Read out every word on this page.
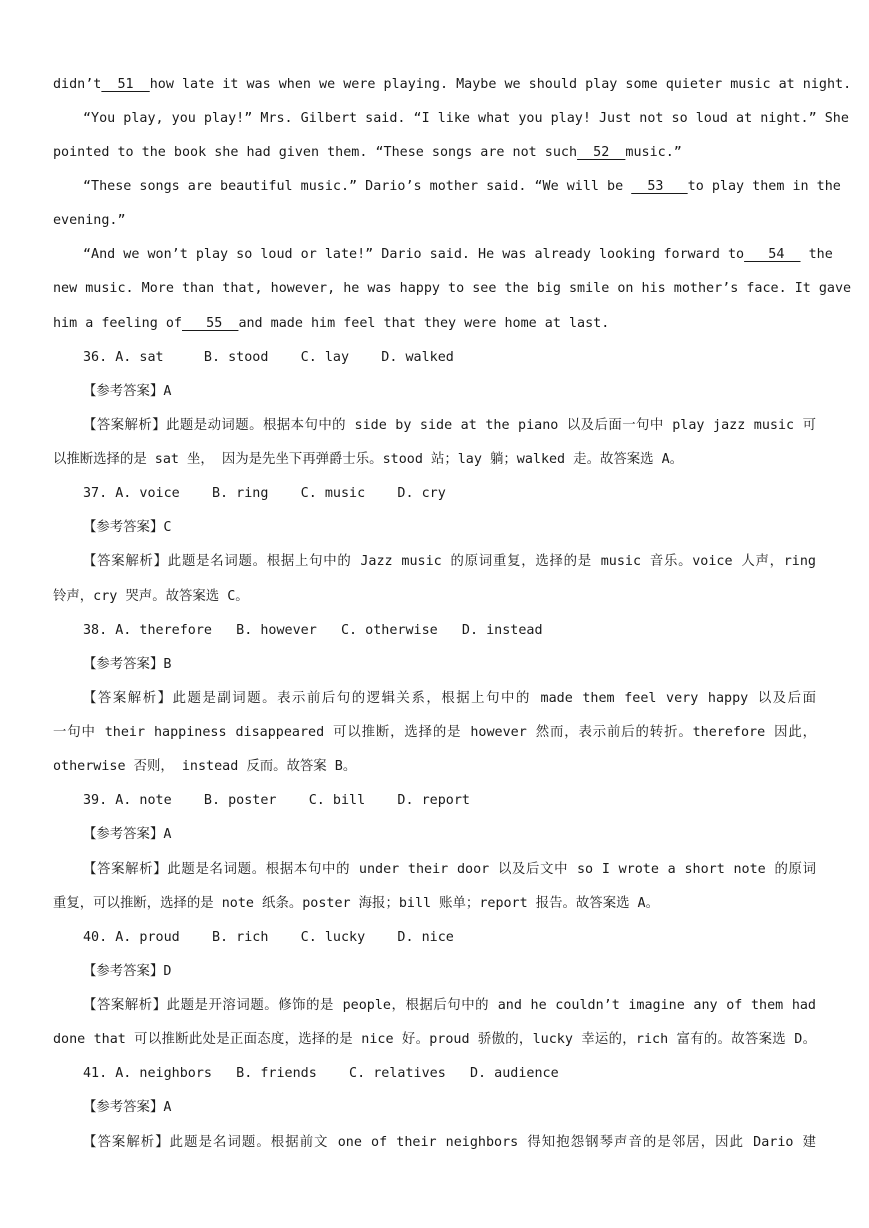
didn’t  51  how late it was when we were playing. Maybe we should play some quieter music at night.
“You play, you play!” Mrs. Gilbert said. “I like what you play! Just not so loud at night.” She
pointed to the book she had given them. “These songs are not such  52  music.”
“These songs are beautiful music.” Dario’s mother said. “We will be   53   to play them in the
evening.”
“And we won’t play so loud or late!” Dario said. He was already looking forward to   54   the
new music. More than that, however, he was happy to see the big smile on his mother’s face. It gave
him a feeling of   55  and made him feel that they were home at last.
36. A. sat     B. stood    C. lay    D. walked
【参考答案】A
【答案解析】此题是动词题。根据本句中的 side by side at the piano 以及后面一句中 play jazz music 可
以推断选择的是 sat 坐， 因为是先坐下再弹爵士乐。stood 站；lay 躺；walked 走。故答案选 A。
37. A. voice    B. ring    C. music    D. cry
【参考答案】C
【答案解析】此题是名词题。根据上句中的 Jazz music 的原词重复，选择的是 music 音乐。voice 人声，ring
铃声，cry 哭声。故答案选 C。
38. A. therefore   B. however   C. otherwise   D. instead
【参考答案】B
【答案解析】此题是副词题。表示前后句的逻辑关系，根据上句中的 made them feel very happy 以及后面
一句中 their happiness disappeared 可以推断，选择的是 however 然而，表示前后的转折。therefore 因此，
otherwise 否则， instead 反而。故答案 B。
39. A. note    B. poster    C. bill    D. report
【参考答案】A
【答案解析】此题是名词题。根据本句中的 under their door 以及后文中 so I wrote a short note 的原词
重复，可以推断，选择的是 note 纸条。poster 海报；bill 账单；report 报告。故答案选 A。
40. A. proud    B. rich    C. lucky    D. nice
【参考答案】D
【答案解析】此题是开溶词题。修饰的是 people，根据后句中的 and he couldn’t imagine any of them had
done that 可以推断此处是正面态度，选择的是 nice 好。proud 骄傲的，lucky 幸运的，rich 富有的。故答案选 D。
41. A. neighbors   B. friends    C. relatives   D. audience
【参考答案】A
【答案解析】此题是名词题。根据前文 one of their neighbors 得知抱怨钢琴声音的是邻居，因此 Dario 建
